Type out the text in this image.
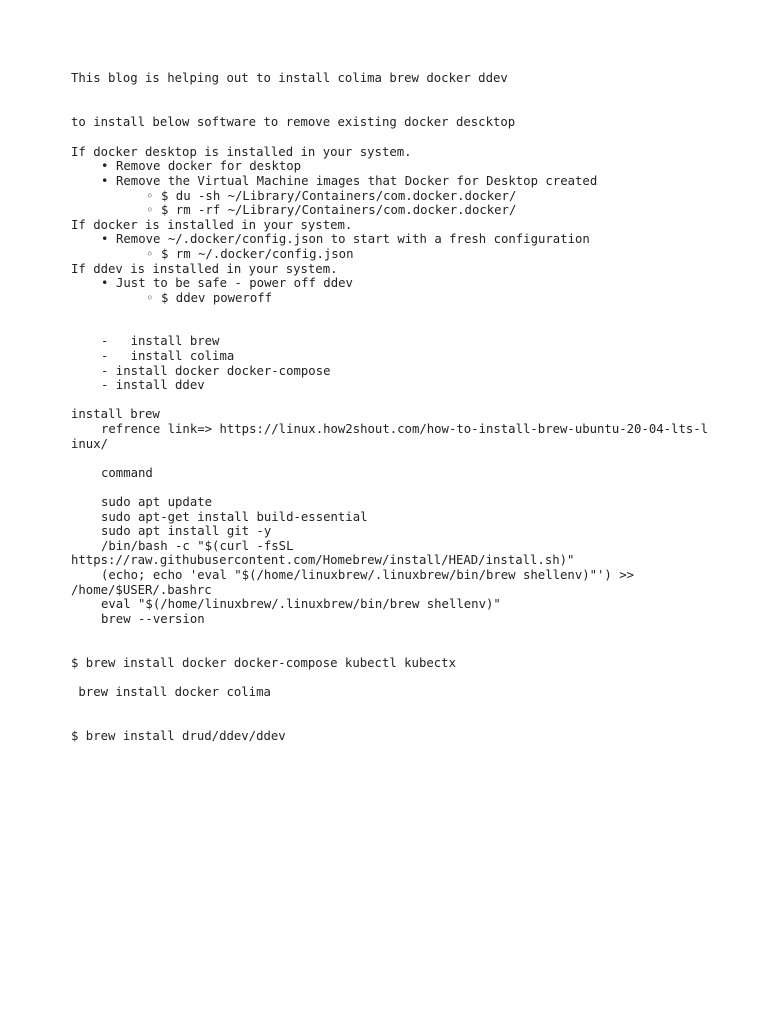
This blog is helping out to install colima brew docker ddev
to install below software to remove existing docker descktop
If docker desktop is installed in your system.
• Remove docker for desktop
• Remove the Virtual Machine images that Docker for Desktop created
◦ $ du -sh ~/Library/Containers/com.docker.docker/
◦ $ rm -rf ~/Library/Containers/com.docker.docker/
If docker is installed in your system.
• Remove ~/.docker/config.json to start with a fresh configuration
◦ $ rm ~/.docker/config.json
If ddev is installed in your system.
• Just to be safe - power off ddev
◦ $ ddev poweroff
-   install brew
-   install colima
- install docker docker-compose
- install ddev
install brew
refrence link=> https://linux.how2shout.com/how-to-install-brew-ubuntu-20-04-lts-linux/
command
sudo apt update
sudo apt-get install build-essential
sudo apt install git -y
/bin/bash -c "$(curl -fsSL
https://raw.githubusercontent.com/Homebrew/install/HEAD/install.sh)"
(echo; echo 'eval "$(/home/linuxbrew/.linuxbrew/bin/brew shellenv)"') >>
/home/$USER/.bashrc
eval "$(/home/linuxbrew/.linuxbrew/bin/brew shellenv)"
brew --version
$ brew install docker docker-compose kubectl kubectx
brew install docker colima
$ brew install drud/ddev/ddev
